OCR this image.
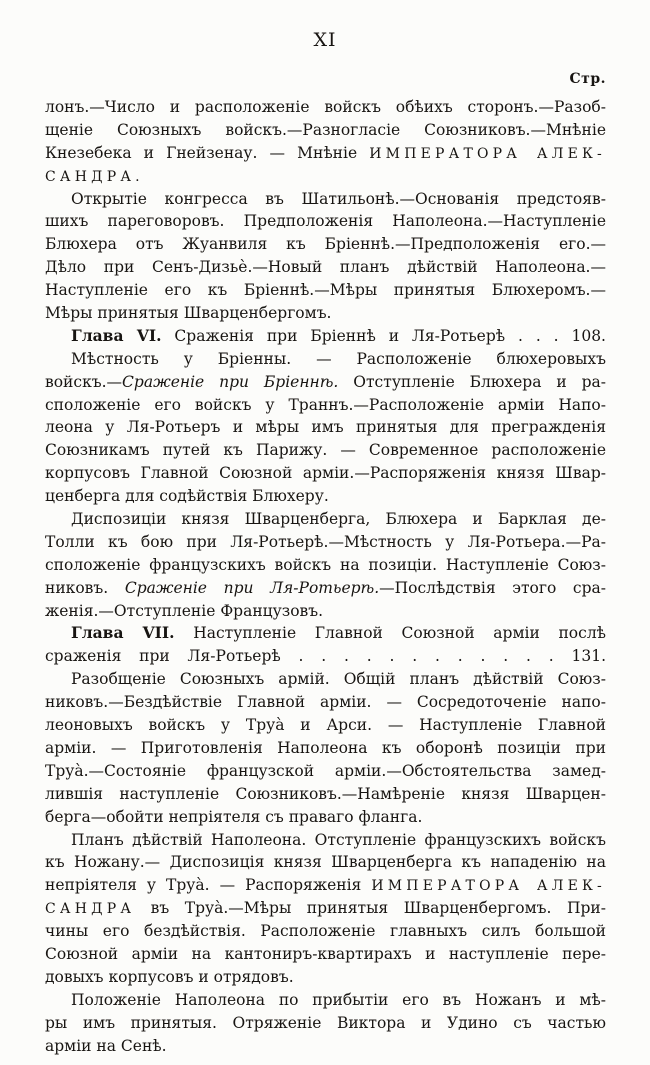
XI
Стр.
лонъ.—Число и расположеніе войскъ обѣихъ сторонъ.—Разоб-
щеніе Союзныхъ войскъ.—Разногласіе Союзниковъ.—Мнѣніе
Кнезебека и Гнейзенау. — Мнѣніе ИМПЕРАТОРА АЛЕК-
САНДРА.
Открытіе конгресса въ Шатильонѣ.—Основанія предстояв-
шихъ пареговоровъ. Предположенія Наполеона.—Наступленіе
Блюхера отъ Жуанвиля къ Бріеннѣ.—Предположенія его.—
Дѣло при Сенъ-Дизьѐ.—Новый планъ дѣйствій Наполеона.—
Наступленіе его къ Бріеннѣ.—Мѣры принятыя Блюхеромъ.—
Мѣры принятыя Шварценбергомъ.
Глава VI. Сраженія при Бріеннѣ и Ля-Ротьерѣ . . . 108.
Мѣстность у Бріенны. — Расположеніе блюхеровыхъ
войскъ.—Сраженіе при Бріеннѣ. Отступленіе Блюхера и ра-
сположеніе его войскъ у Траннъ.—Расположеніе арміи Напо-
леона у Ля-Ротьеръ и мѣры имъ принятыя для прегражденія
Союзникамъ путей къ Парижу. — Современное расположеніе
корпусовъ Главной Союзной арміи.—Распоряженія князя Швар-
ценберга для содѣйствія Блюхеру.
Диспозиціи князя Шварценберга, Блюхера и Барклая де-
Толли къ бою при Ля-Ротьерѣ.—Мѣстность у Ля-Ротьера.—Ра-
сположеніе французскихъ войскъ на позиціи. Наступленіе Союз-
никовъ. Сраженіе при Ля-Ротьерѣ.—Послѣдствія этого сра-
женія.—Отступленіе Французовъ.
Глава VII. Наступленіе Главной Союзной арміи послѣ
сраженія при Ля-Ротьерѣ . . . . . . . . . . . . 131.
Разобщеніе Союзныхъ армій. Общій планъ дѣйствій Союз-
никовъ.—Бездѣйствіе Главной арміи. — Сосредоточеніе напо-
леоновыхъ войскъ у Труà и Арси. — Наступленіе Главной
арміи. — Приготовленія Наполеона къ оборонѣ позиціи при
Труà.—Состояніе французской арміи.—Обстоятельства замед-
лившія наступленіе Союзниковъ.—Намѣреніе князя Шварцен-
берга—обойти непріятеля съ праваго фланга.
Планъ дѣйствій Наполеона. Отступленіе французскихъ войскъ
къ Ножану.— Диспозиція князя Шварценберга къ нападенію на
непріятеля у Труà. — Распоряженія ИМПЕРАТОРА АЛЕК-
САНДРА въ Труà.—Мѣры принятыя Шварценбергомъ. При-
чины его бездѣйствія. Расположеніе главныхъ силъ большой
Союзной арміи на кантониръ-квартирахъ и наступленіе пере-
довыхъ корпусовъ и отрядовъ.
Положеніе Наполеона по прибытіи его въ Ножанъ и мѣ-
ры имъ принятыя. Отряженіе Виктора и Удино съ частью
арміи на Сенѣ.
